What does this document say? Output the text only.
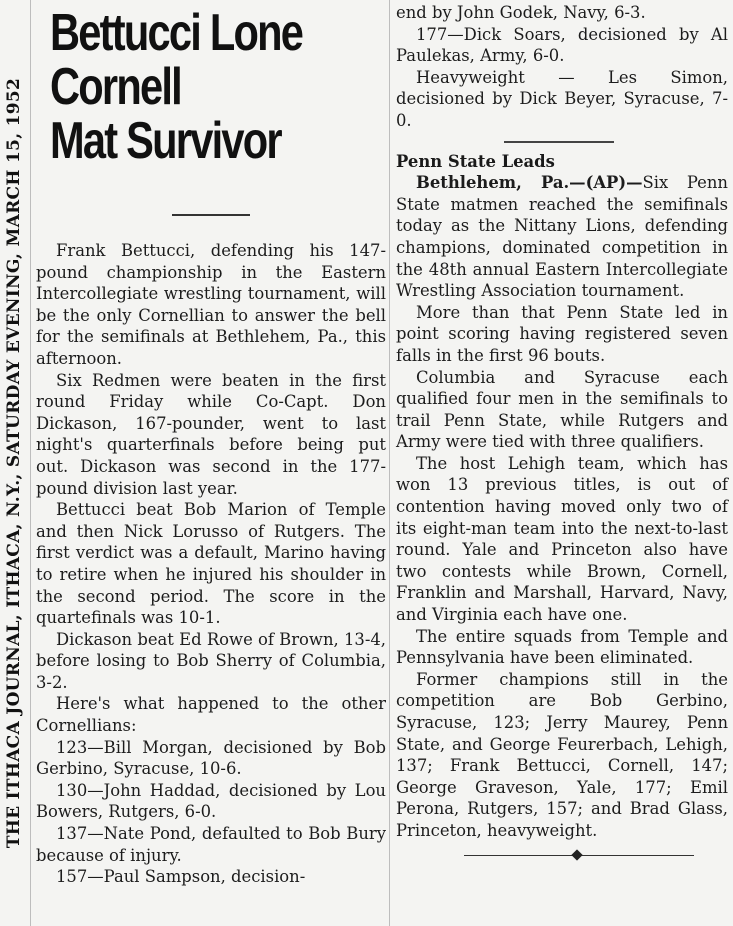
THE ITHACA JOURNAL, ITHACA, N.Y., SATURDAY EVENING, MARCH 15, 1952
Bettucci Lone
Cornell
Mat Survivor

Frank Bettucci, defending his 147-pound championship in the Eastern Intercollegiate wrestling tournament, will be the only Cornellian to answer the bell for the semifinals at Bethlehem, Pa., this afternoon.

Six Redmen were beaten in the first round Friday while Co-Capt. Don Dickason, 167-pounder, went to last night's quarterfinals before being put out. Dickason was second in the 177-pound division last year.

Bettucci beat Bob Marion of Temple and then Nick Lorusso of Rutgers. The first verdict was a default, Marino having to retire when he injured his shoulder in the second period. The score in the quartefinals was 10-1.

Dickason beat Ed Rowe of Brown, 13-4, before losing to Bob Sherry of Columbia, 3-2.

Here's what happened to the other Cornellians:

123—Bill Morgan, decisioned by Bob Gerbino, Syracuse, 10-6.

130—John Haddad, decisioned by Lou Bowers, Rutgers, 6-0.

137—Nate Pond, defaulted to Bob Bury because of injury.

157—Paul Sampson, decision-

end by John Godek, Navy, 6-3.

177—Dick Soars, decisioned by Al Paulekas, Army, 6-0.

Heavyweight — Les Simon, decisioned by Dick Beyer, Syracuse, 7-0.

Penn State Leads

Bethlehem, Pa.—(AP)—Six Penn State matmen reached the semifinals today as the Nittany Lions, defending champions, dominated competition in the 48th annual Eastern Intercollegiate Wrestling Association tournament.

More than that Penn State led in point scoring having registered seven falls in the first 96 bouts.

Columbia and Syracuse each qualified four men in the semifinals to trail Penn State, while Rutgers and Army were tied with three qualifiers.

The host Lehigh team, which has won 13 previous titles, is out of contention having moved only two of its eight-man team into the next-to-last round. Yale and Princeton also have two contests while Brown, Cornell, Franklin and Marshall, Harvard, Navy, and Virginia each have one.

The entire squads from Temple and Pennsylvania have been eliminated.

Former champions still in the competition are Bob Gerbino, Syracuse, 123; Jerry Maurey, Penn State, and George Feurerbach, Lehigh, 137; Frank Bettucci, Cornell, 147; George Graveson, Yale, 177; Emil Perona, Rutgers, 157; and Brad Glass, Princeton, heavyweight.
